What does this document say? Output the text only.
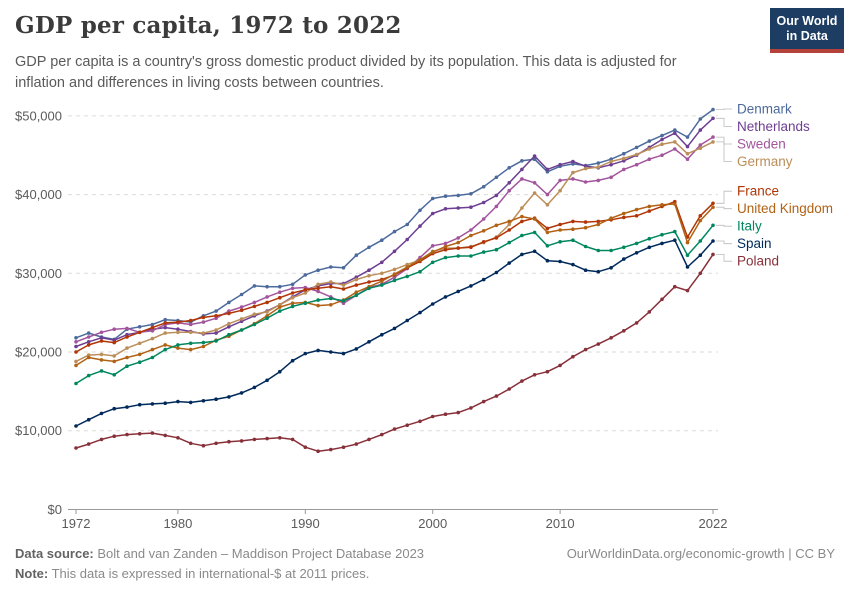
GDP per capita, 1972 to 2022
GDP per capita is a country's gross domestic product divided by its population. This data is adjusted for inflation and differences in living costs between countries.
Our World
in Data
$0
$10,000
$20,000
$30,000
$40,000
$50,000
1972	1980	1990	2000	2010	2022
Denmark
Netherlands
Sweden
Germany
France
United Kingdom
Italy
Spain
Poland
Data source: Bolt and van Zanden – Maddison Project Database 2023	OurWorldinData.org/economic-growth | CC BY
Note: This data is expressed in international-$ at 2011 prices.
